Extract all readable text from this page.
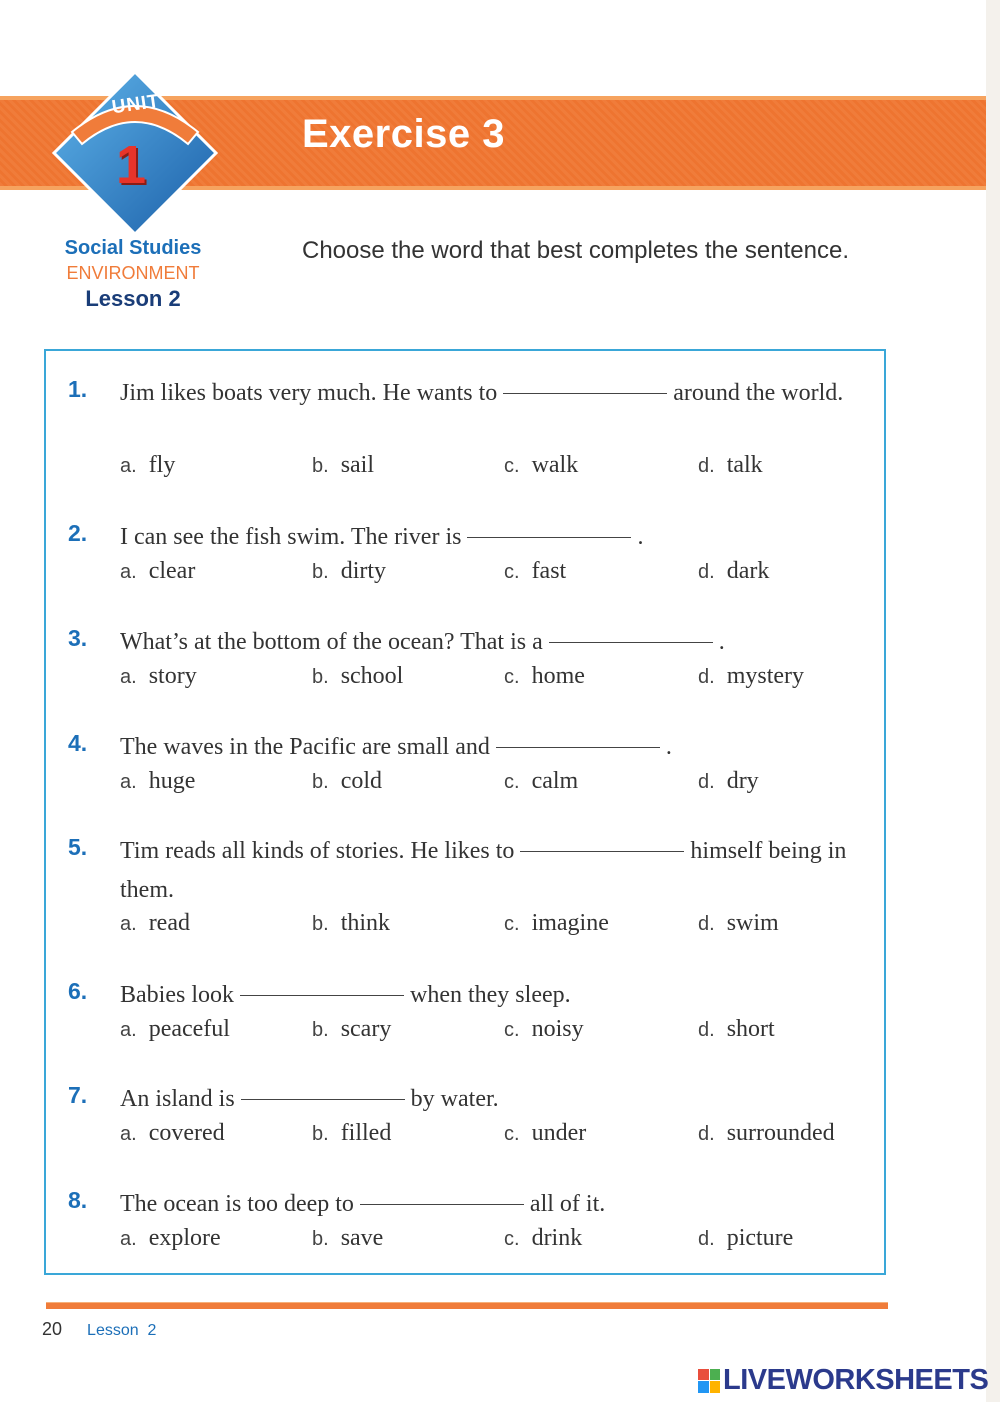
Exercise 3
UNIT
1
Social Studies
ENVIRONMENT
Lesson 2
Choose the word that best completes the sentence.
1. Jim likes boats very much. He wants to	around the world.
a. fly	b. sail	c. walk	d. talk
2. I can see the fish swim. The river is	.
a. clear	b. dirty	c. fast	d. dark
3. What’s at the bottom of the ocean? That is a	.
a. story	b. school	c. home	d. mystery
4. The waves in the Pacific are small and	.
a. huge	b. cold	c. calm	d. dry
5. Tim reads all kinds of stories. He likes to	himself being in them.
a. read	b. think	c. imagine	d. swim
6. Babies look	when they sleep.
a. peaceful	b. scary	c. noisy	d. short
7. An island is	by water.
a. covered	b. filled	c. under	d. surrounded
8. The ocean is too deep to	all of it.
a. explore	b. save	c. drink	d. picture
20 Lesson 2
LIVEWORKSHEETS
